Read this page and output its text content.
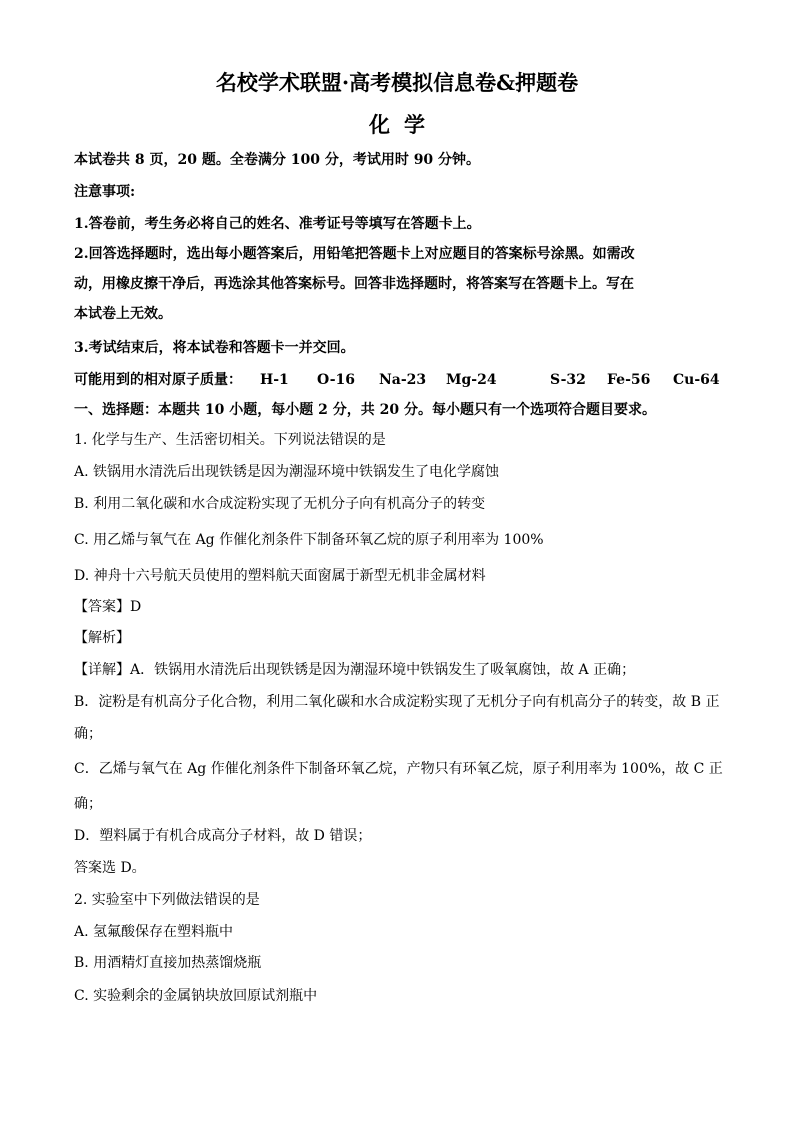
名校学术联盟·高考模拟信息卷&押题卷
化学
本试卷共 8 页，20 题。全卷满分 100 分，考试用时 90 分钟。
注意事项:
1.答卷前，考生务必将自己的姓名、准考证号等填写在答题卡上。
2.回答选择题时，选出每小题答案后，用铅笔把答题卡上对应题目的答案标号涂黑。如需改
动，用橡皮擦干净后，再选涂其他答案标号。回答非选择题时，将答案写在答题卡上。写在
本试卷上无效。
3.考试结束后，将本试卷和答题卡一并交回。
可能用到的相对原子质量： H-1 O-16 Na-23 Mg-24	S-32 Fe-56 Cu-64
一、选择题：本题共 10 小题，每小题 2 分，共 20 分。每小题只有一个选项符合题目要求。
1. 化学与生产、生活密切相关。下列说法错误的是
A. 铁锅用水清洗后出现铁锈是因为潮湿环境中铁锅发生了电化学腐蚀
B. 利用二氧化碳和水合成淀粉实现了无机分子向有机高分子的转变
C. 用乙烯与氧气在 Ag 作催化剂条件下制备环氧乙烷的原子利用率为 100%
D. 神舟十六号航天员使用的塑料航天面窗属于新型无机非金属材料
【答案】D
【解析】
【详解】A．铁锅用水清洗后出现铁锈是因为潮湿环境中铁锅发生了吸氧腐蚀，故 A 正确；
B．淀粉是有机高分子化合物，利用二氧化碳和水合成淀粉实现了无机分子向有机高分子的转变，故 B 正
确；
C．乙烯与氧气在 Ag 作催化剂条件下制备环氧乙烷，产物只有环氧乙烷，原子利用率为 100%，故 C 正
确；
D．塑料属于有机合成高分子材料，故 D 错误；
答案选 D。
2. 实验室中下列做法错误的是
A. 氢氟酸保存在塑料瓶中
B. 用酒精灯直接加热蒸馏烧瓶
C. 实验剩余的金属钠块放回原试剂瓶中
